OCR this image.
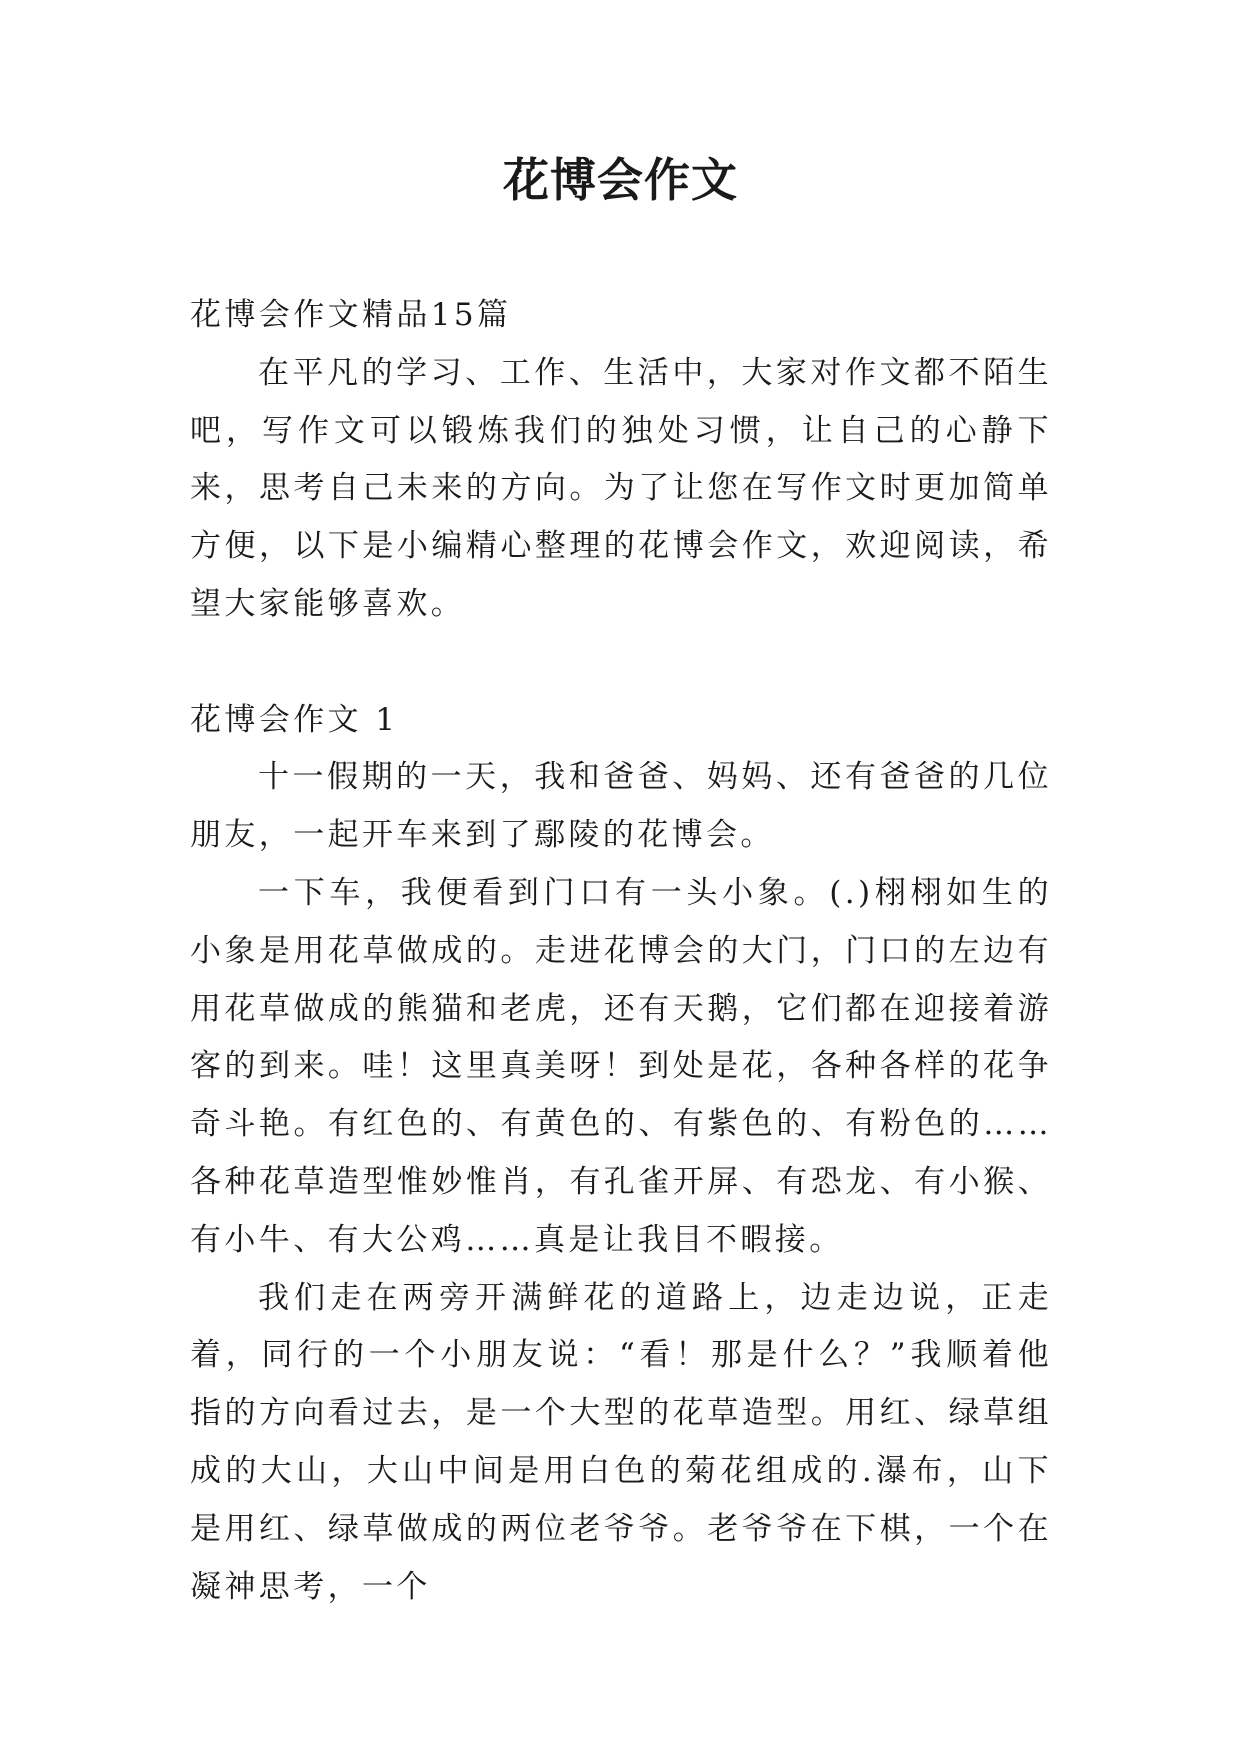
花博会作文

花博会作文精品15篇

在平凡的学习、工作、生活中，大家对作文都不陌生吧，写作文可以锻炼我们的独处习惯，让自己的心静下来，思考自己未来的方向。为了让您在写作文时更加简单方便，以下是小编精心整理的花博会作文，欢迎阅读，希望大家能够喜欢。

花博会作文 1

十一假期的一天，我和爸爸、妈妈、还有爸爸的几位朋友，一起开车来到了鄢陵的花博会。

一下车，我便看到门口有一头小象。(.)栩栩如生的小象是用花草做成的。走进花博会的大门，门口的左边有用花草做成的熊猫和老虎，还有天鹅，它们都在迎接着游客的到来。哇！这里真美呀！到处是花，各种各样的花争奇斗艳。有红色的、有黄色的、有紫色的、有粉色的……各种花草造型惟妙惟肖，有孔雀开屏、有恐龙、有小猴、有小牛、有大公鸡……真是让我目不暇接。

我们走在两旁开满鲜花的道路上，边走边说，正走着，同行的一个小朋友说：“看！那是什么？”我顺着他指的方向看过去，是一个大型的花草造型。用红、绿草组成的大山，大山中间是用白色的菊花组成的.瀑布，山下是用红、绿草做成的两位老爷爷。老爷爷在下棋，一个在凝神思考，一个
